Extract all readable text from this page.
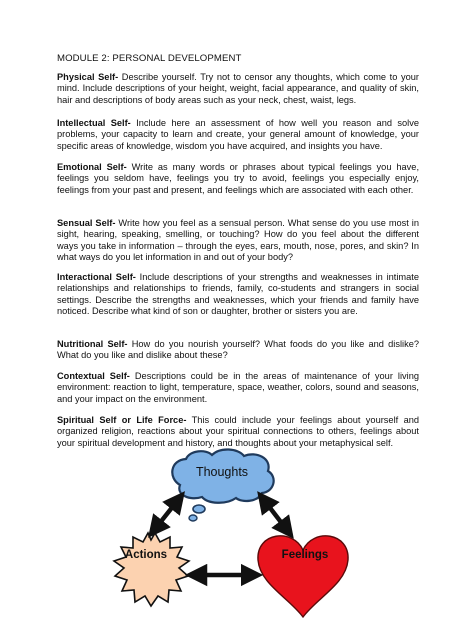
MODULE 2: PERSONAL DEVELOPMENT

Physical Self- Describe yourself. Try not to censor any thoughts, which come to your mind. Include descriptions of your height, weight, facial appearance, and quality of skin, hair and descriptions of body areas such as your neck, chest, waist, legs.

Intellectual Self- Include here an assessment of how well you reason and solve problems, your capacity to learn and create, your general amount of knowledge, your specific areas of knowledge, wisdom you have acquired, and insights you have.

Emotional Self- Write as many words or phrases about typical feelings you have, feelings you seldom have, feelings you try to avoid, feelings you especially enjoy, feelings from your past and present, and feelings which are associated with each other.

Sensual Self- Write how you feel as a sensual person. What sense do you use most in sight, hearing, speaking, smelling, or touching? How do you feel about the different ways you take in information – through the eyes, ears, mouth, nose, pores, and skin? In what ways do you let information in and out of your body?

Interactional Self- Include descriptions of your strengths and weaknesses in intimate relationships and relationships to friends, family, co-students and strangers in social settings. Describe the strengths and weaknesses, which your friends and family have noticed. Describe what kind of son or daughter, brother or sisters you are.

Nutritional Self- How do you nourish yourself? What foods do you like and dislike? What do you like and dislike about these?

Contextual Self- Descriptions could be in the areas of maintenance of your living environment: reaction to light, temperature, space, weather, colors, sound and seasons, and your impact on the environment.

Spiritual Self or Life Force- This could include your feelings about yourself and organized religion, reactions about your spiritual connections to others, feelings about your spiritual development and history, and thoughts about your metaphysical self.

Thoughts
Actions	Feelings
